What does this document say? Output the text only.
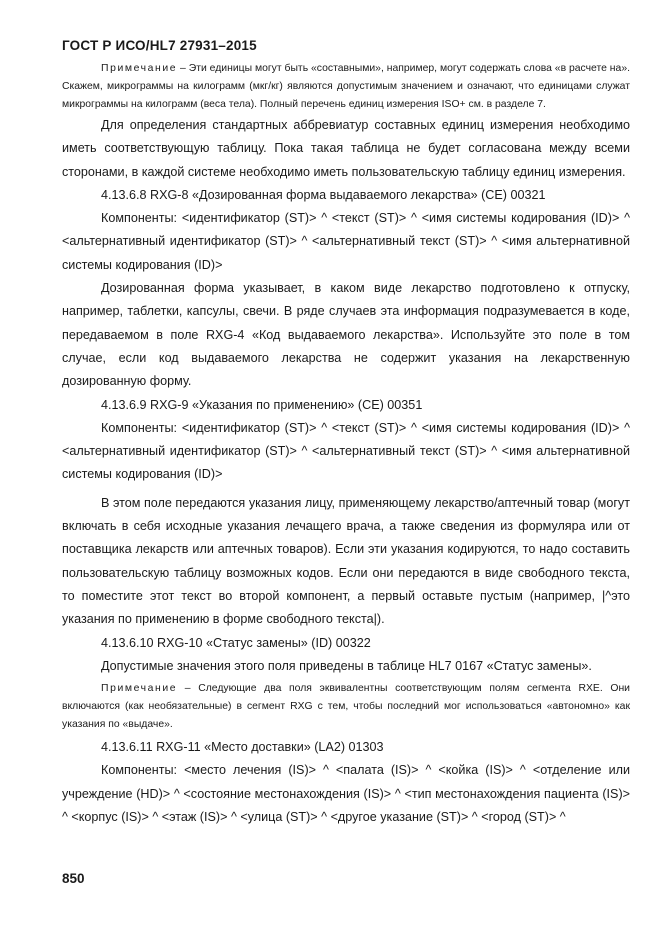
ГОСТ Р ИСО/HL7 27931–2015

Примечание – Эти единицы могут быть «составными», например, могут содержать слова «в расчете на». Скажем, микрограммы на килограмм (мкг/кг) являются допустимым значением и означают, что единицами служат микрограммы на килограмм (веса тела). Полный перечень единиц измерения ISO+ см. в разделе 7.

Для определения стандартных аббревиатур составных единиц измерения необходимо иметь соответствующую таблицу. Пока такая таблица не будет согласована между всеми сторонами, в каждой системе необходимо иметь пользовательскую таблицу единиц измерения.

4.13.6.8 RXG-8 «Дозированная форма выдаваемого лекарства» (CE) 00321

Компоненты: <идентификатор (ST)> ^ <текст (ST)> ^ <имя системы кодирования (ID)> ^ <альтернативный идентификатор (ST)> ^ <альтернативный текст (ST)> ^ <имя альтернативной системы кодирования (ID)>

Дозированная форма указывает, в каком виде лекарство подготовлено к отпуску, например, таблетки, капсулы, свечи. В ряде случаев эта информация подразумевается в коде, передаваемом в поле RXG-4 «Код выдаваемого лекарства». Используйте это поле в том случае, если код выдаваемого лекарства не содержит указания на лекарственную дозированную форму.

4.13.6.9 RXG-9 «Указания по применению» (CE) 00351

Компоненты: <идентификатор (ST)> ^ <текст (ST)> ^ <имя системы кодирования (ID)> ^ <альтернативный идентификатор (ST)> ^ <альтернативный текст (ST)> ^ <имя альтернативной системы кодирования (ID)>

В этом поле передаются указания лицу, применяющему лекарство/аптечный товар (могут включать в себя исходные указания лечащего врача, а также сведения из формуляра или от поставщика лекарств или аптечных товаров). Если эти указания кодируются, то надо составить пользовательскую таблицу возможных кодов. Если они передаются в виде свободного текста, то поместите этот текст во второй компонент, а первый оставьте пустым (например, |^это указания по применению в форме свободного текста|).

4.13.6.10 RXG-10 «Статус замены» (ID) 00322

Допустимые значения этого поля приведены в таблице HL7 0167 «Статус замены».

Примечание – Следующие два поля эквивалентны соответствующим полям сегмента RXE. Они включаются (как необязательные) в сегмент RXG с тем, чтобы последний мог использоваться «автономно» как указания по «выдаче».

4.13.6.11 RXG-11 «Место доставки» (LA2) 01303

Компоненты: <место лечения (IS)> ^ <палата (IS)> ^ <койка (IS)> ^ <отделение или учреждение (HD)> ^ <состояние местонахождения (IS)> ^ <тип местонахождения пациента (IS)> ^ <корпус (IS)> ^ <этаж (IS)> ^ <улица (ST)> ^ <другое указание (ST)> ^ <город (ST)> ^

850
